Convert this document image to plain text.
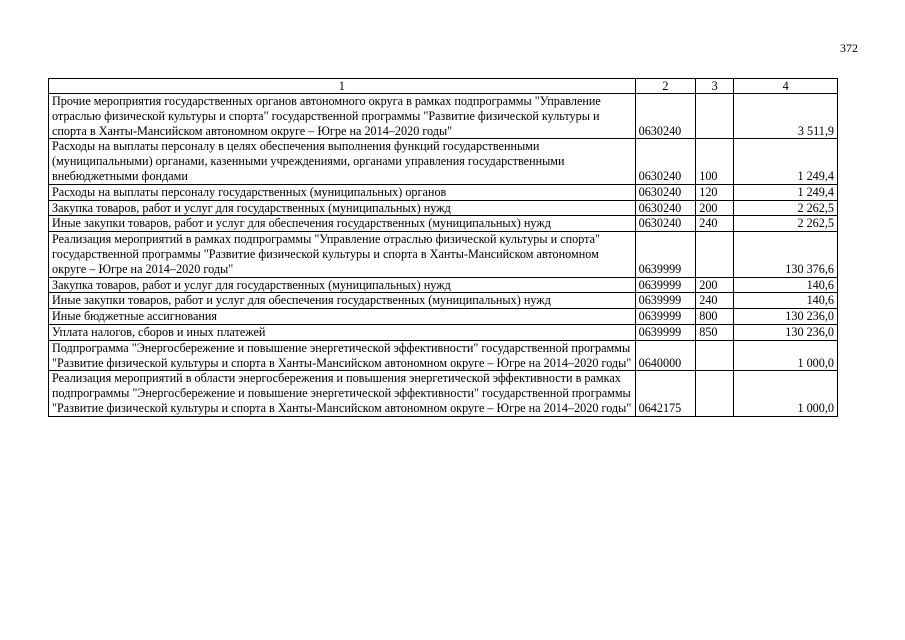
372
1	2	3	4
Прочие мероприятия государственных органов автономного округа в рамках подпрограммы "Управление отраслью физической культуры и спорта" государственной программы "Развитие физической культуры и спорта в Ханты-Мансийском автономном округе – Югре на 2014–2020 годы"	0630240		3 511,9
Расходы на выплаты персоналу в целях обеспечения выполнения функций государственными (муниципальными) органами, казенными учреждениями, органами управления государственными внебюджетными фондами	0630240	100	1 249,4
Расходы на выплаты персоналу государственных (муниципальных) органов	0630240	120	1 249,4
Закупка товаров, работ и услуг для государственных (муниципальных) нужд	0630240	200	2 262,5
Иные закупки товаров, работ и услуг для обеспечения государственных (муниципальных) нужд	0630240	240	2 262,5
Реализация мероприятий в рамках подпрограммы "Управление отраслью физической культуры и спорта" государственной программы "Развитие физической культуры и спорта в Ханты-Мансийском автономном округе – Югре на 2014–2020 годы"	0639999		130 376,6
Закупка товаров, работ и услуг для государственных (муниципальных) нужд	0639999	200	140,6
Иные закупки товаров, работ и услуг для обеспечения государственных (муниципальных) нужд	0639999	240	140,6
Иные бюджетные ассигнования	0639999	800	130 236,0
Уплата налогов, сборов и иных платежей	0639999	850	130 236,0
Подпрограмма "Энергосбережение и повышение энергетической эффективности" государственной программы "Развитие физической культуры и спорта в Ханты-Мансийском автономном округе – Югре на 2014–2020 годы"	0640000		1 000,0
Реализация мероприятий в области энергосбережения и повышения энергетической эффективности в рамках подпрограммы "Энергосбережение и повышение энергетической эффективности" государственной программы "Развитие физической культуры и спорта в Ханты-Мансийском автономном округе – Югре на 2014–2020 годы"	0642175		1 000,0
